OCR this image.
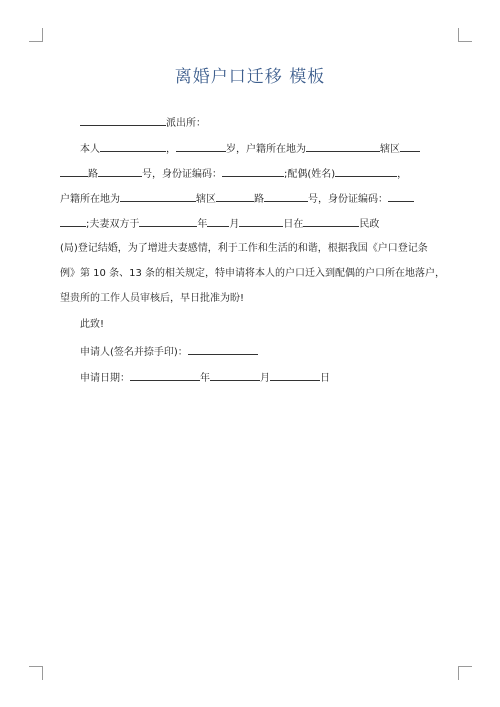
离婚户口迁移 模板
派出所：
本人	，	岁，户籍所在地为	辖区
路	号，身份证编码：	;配偶(姓名)	，
户籍所在地为	辖区	路	号，身份证编码：
;夫妻双方于	年 月	日在	民政
(局)登记结婚，为了增进夫妻感情，利于工作和生活的和谐，根据我国《户口登记条
例》第 10 条、13 条的相关规定，特申请将本人的户口迁入到配偶的户口所在地落户，
望贵所的工作人员审核后，早日批准为盼!
此致!
申请人(签名并捺手印)：
申请日期：	年	月	日
